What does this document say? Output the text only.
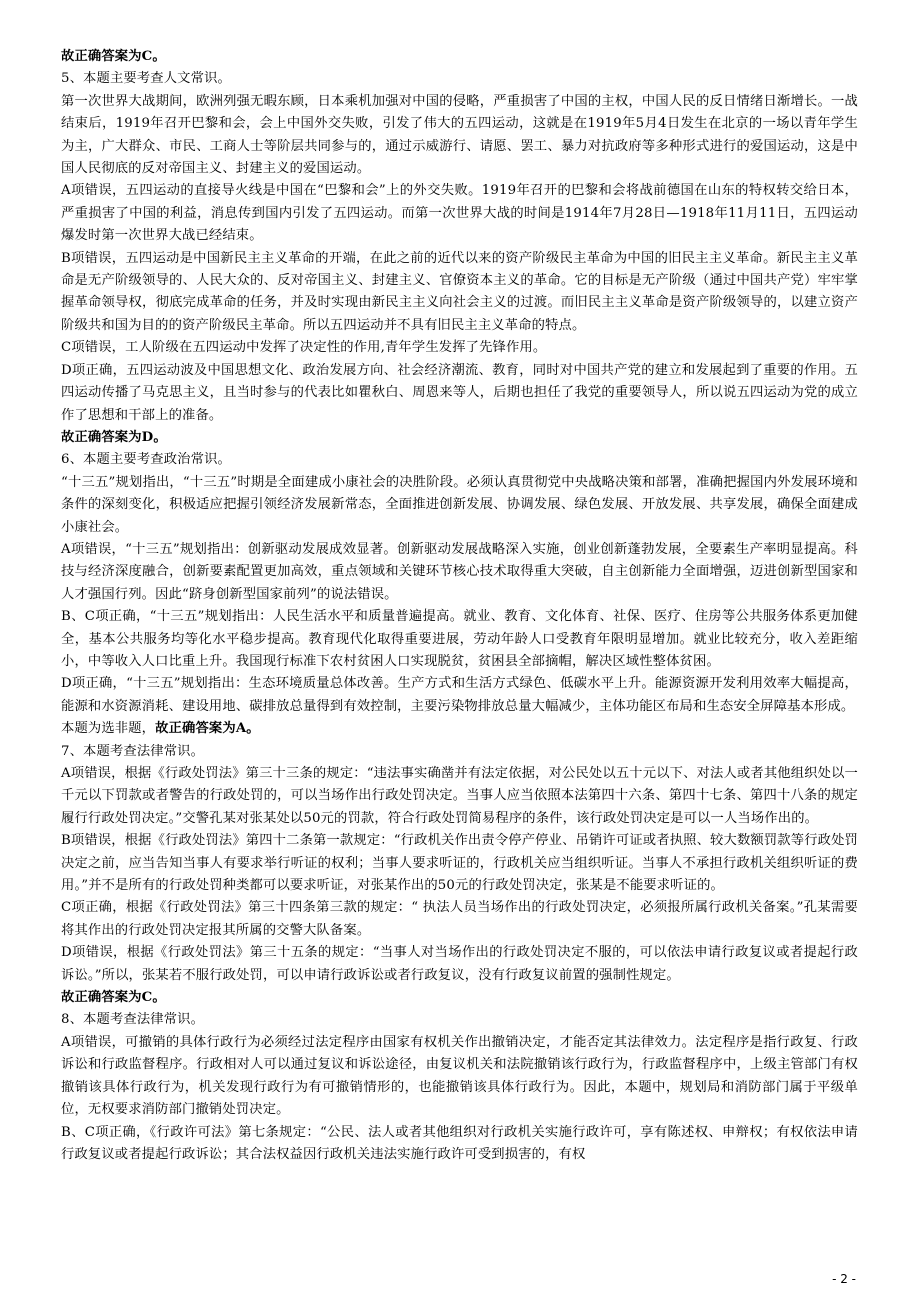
故正确答案为C。

5、本题主要考查人文常识。

第一次世界大战期间，欧洲列强无暇东顾，日本乘机加强对中国的侵略，严重损害了中国的主权，中国人民的反日情绪日渐增长。一战结束后，1919年召开巴黎和会，会上中国外交失败，引发了伟大的五四运动，这就是在1919年5月4日发生在北京的一场以青年学生为主，广大群众、市民、工商人士等阶层共同参与的，通过示威游行、请愿、罢工、暴力对抗政府等多种形式进行的爱国运动，这是中国人民彻底的反对帝国主义、封建主义的爱国运动。

A项错误，五四运动的直接导火线是中国在“巴黎和会”上的外交失败。1919年召开的巴黎和会将战前德国在山东的特权转交给日本，严重损害了中国的利益，消息传到国内引发了五四运动。而第一次世界大战的时间是1914年7月28日—1918年11月11日，五四运动爆发时第一次世界大战已经结束。

B项错误，五四运动是中国新民主主义革命的开端，在此之前的近代以来的资产阶级民主革命为中国的旧民主主义革命。新民主主义革命是无产阶级领导的、人民大众的、反对帝国主义、封建主义、官僚资本主义的革命。它的目标是无产阶级（通过中国共产党）牢牢掌握革命领导权，彻底完成革命的任务，并及时实现由新民主主义向社会主义的过渡。而旧民主主义革命是资产阶级领导的，以建立资产阶级共和国为目的的资产阶级民主革命。所以五四运动并不具有旧民主主义革命的特点。

C项错误，工人阶级在五四运动中发挥了决定性的作用,青年学生发挥了先锋作用。

D项正确，五四运动波及中国思想文化、政治发展方向、社会经济潮流、教育，同时对中国共产党的建立和发展起到了重要的作用。五四运动传播了马克思主义，且当时参与的代表比如瞿秋白、周恩来等人，后期也担任了我党的重要领导人，所以说五四运动为党的成立作了思想和干部上的准备。

故正确答案为D。

6、本题主要考查政治常识。

“十三五”规划指出，“十三五”时期是全面建成小康社会的决胜阶段。必须认真贯彻党中央战略决策和部署，准确把握国内外发展环境和条件的深刻变化，积极适应把握引领经济发展新常态，全面推进创新发展、协调发展、绿色发展、开放发展、共享发展，确保全面建成小康社会。

A项错误，“十三五”规划指出：创新驱动发展成效显著。创新驱动发展战略深入实施，创业创新蓬勃发展，全要素生产率明显提高。科技与经济深度融合，创新要素配置更加高效，重点领域和关键环节核心技术取得重大突破，自主创新能力全面增强，迈进创新型国家和人才强国行列。因此“跻身创新型国家前列”的说法错误。

B、C项正确，“十三五”规划指出：人民生活水平和质量普遍提高。就业、教育、文化体育、社保、医疗、住房等公共服务体系更加健全，基本公共服务均等化水平稳步提高。教育现代化取得重要进展，劳动年龄人口受教育年限明显增加。就业比较充分，收入差距缩小，中等收入人口比重上升。我国现行标准下农村贫困人口实现脱贫，贫困县全部摘帽，解决区域性整体贫困。

D项正确，“十三五”规划指出：生态环境质量总体改善。生产方式和生活方式绿色、低碳水平上升。能源资源开发利用效率大幅提高，能源和水资源消耗、建设用地、碳排放总量得到有效控制，主要污染物排放总量大幅减少，主体功能区布局和生态安全屏障基本形成。

本题为选非题，故正确答案为A。

7、本题考查法律常识。

A项错误，根据《行政处罚法》第三十三条的规定：“违法事实确凿并有法定依据，对公民处以五十元以下、对法人或者其他组织处以一千元以下罚款或者警告的行政处罚的，可以当场作出行政处罚决定。当事人应当依照本法第四十六条、第四十七条、第四十八条的规定履行行政处罚决定。”交警孔某对张某处以50元的罚款，符合行政处罚简易程序的条件，该行政处罚决定是可以一人当场作出的。

B项错误，根据《行政处罚法》第四十二条第一款规定：“行政机关作出责令停产停业、吊销许可证或者执照、较大数额罚款等行政处罚决定之前，应当告知当事人有要求举行听证的权利；当事人要求听证的，行政机关应当组织听证。当事人不承担行政机关组织听证的费用。”并不是所有的行政处罚种类都可以要求听证，对张某作出的50元的行政处罚决定，张某是不能要求听证的。

C项正确，根据《行政处罚法》第三十四条第三款的规定：“ 执法人员当场作出的行政处罚决定，必须报所属行政机关备案。”孔某需要将其作出的行政处罚决定报其所属的交警大队备案。

D项错误，根据《行政处罚法》第三十五条的规定：“当事人对当场作出的行政处罚决定不服的，可以依法申请行政复议或者提起行政诉讼。”所以，张某若不服行政处罚，可以申请行政诉讼或者行政复议，没有行政复议前置的强制性规定。

故正确答案为C。

8、本题考查法律常识。

A项错误，可撤销的具体行政行为必须经过法定程序由国家有权机关作出撤销决定，才能否定其法律效力。法定程序是指行政复、行政诉讼和行政监督程序。行政相对人可以通过复议和诉讼途径，由复议机关和法院撤销该行政行为，行政监督程序中，上级主管部门有权撤销该具体行政行为，机关发现行政行为有可撤销情形的，也能撤销该具体行政行为。因此，本题中，规划局和消防部门属于平级单位，无权要求消防部门撤销处罚决定。

B、C项正确，《行政许可法》第七条规定：“公民、法人或者其他组织对行政机关实施行政许可，享有陈述权、申辩权；有权依法申请行政复议或者提起行政诉讼；其合法权益因行政机关违法实施行政许可受到损害的，有权

- 2 -
